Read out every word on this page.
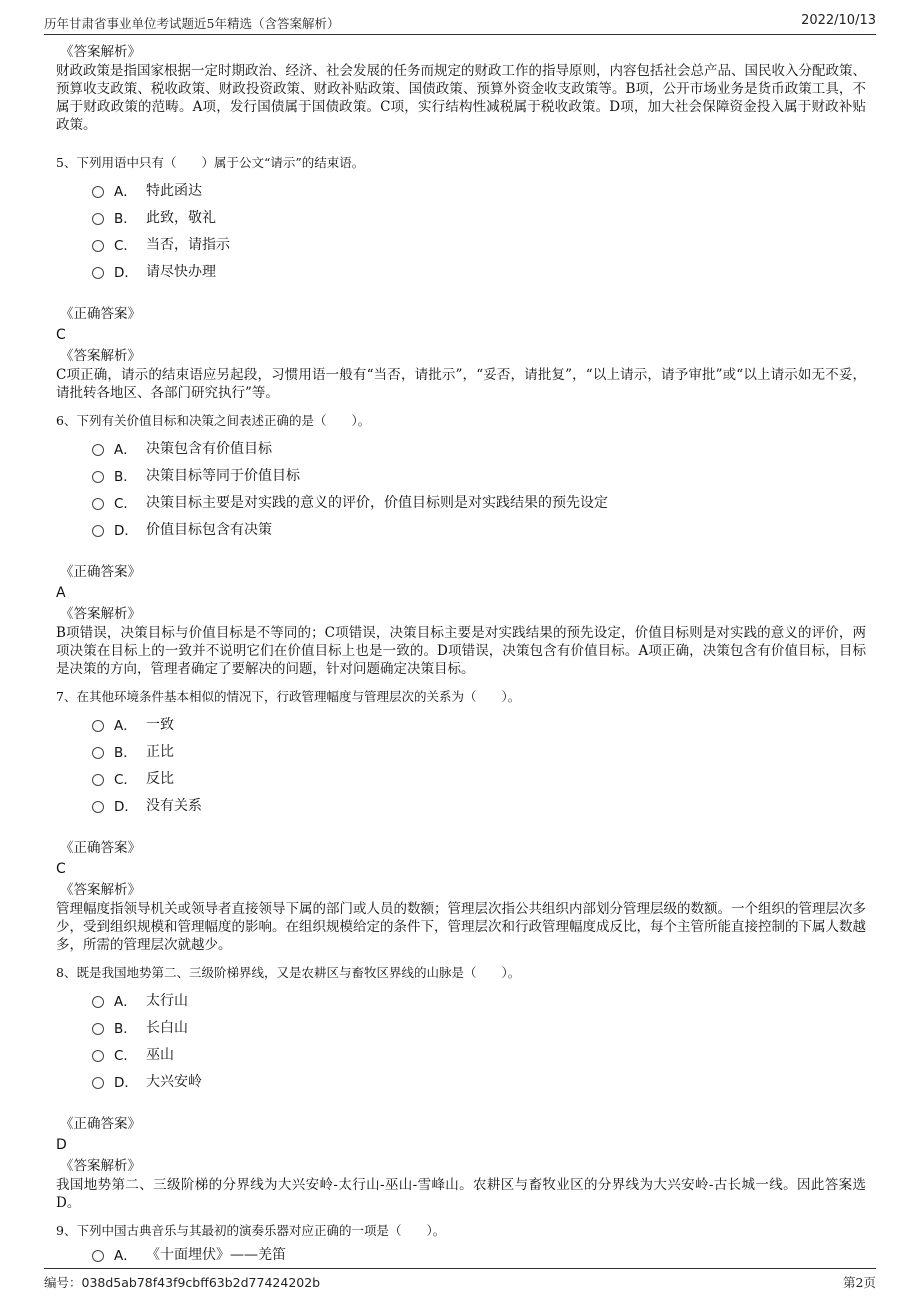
历年甘肃省事业单位考试题近5年精选（含答案解析）	2022/10/13
《答案解析》
财政政策是指国家根据一定时期政治、经济、社会发展的任务而规定的财政工作的指导原则，内容包括社会总产品、国民收入分配政策、预算收支政策、税收政策、财政投资政策、财政补贴政策、国债政策、预算外资金收支政策等。B项，公开市场业务是货币政策工具，不属于财政政策的范畴。A项，发行国债属于国债政策。C项，实行结构性减税属于税收政策。D项，加大社会保障资金投入属于财政补贴政策。
5、下列用语中只有（　　）属于公文“请示”的结束语。
A． 特此函达
B． 此致，敬礼
C． 当否，请指示
D． 请尽快办理
《正确答案》
C
《答案解析》
C项正确，请示的结束语应另起段，习惯用语一般有“当否，请批示”，“妥否，请批复”，“以上请示，请予审批”或“以上请示如无不妥，请批转各地区、各部门研究执行”等。
6、下列有关价值目标和决策之间表述正确的是（　　）。
A． 决策包含有价值目标
B． 决策目标等同于价值目标
C． 决策目标主要是对实践的意义的评价，价值目标则是对实践结果的预先设定
D． 价值目标包含有决策
《正确答案》
A
《答案解析》
B项错误，决策目标与价值目标是不等同的；C项错误，决策目标主要是对实践结果的预先设定，价值目标则是对实践的意义的评价，两项决策在目标上的一致并不说明它们在价值目标上也是一致的。D项错误，决策包含有价值目标。A项正确，决策包含有价值目标，目标是决策的方向，管理者确定了要解决的问题，针对问题确定决策目标。
7、在其他环境条件基本相似的情况下，行政管理幅度与管理层次的关系为（　　）。
A． 一致
B． 正比
C． 反比
D． 没有关系
《正确答案》
C
《答案解析》
管理幅度指领导机关或领导者直接领导下属的部门或人员的数额；管理层次指公共组织内部划分管理层级的数额。一个组织的管理层次多少，受到组织规模和管理幅度的影响。在组织规模给定的条件下，管理层次和行政管理幅度成反比，每个主管所能直接控制的下属人数越多，所需的管理层次就越少。
8、既是我国地势第二、三级阶梯界线，又是农耕区与畜牧区界线的山脉是（　　）。
A． 太行山
B． 长白山
C． 巫山
D． 大兴安岭
《正确答案》
D
《答案解析》
我国地势第二、三级阶梯的分界线为大兴安岭-太行山-巫山-雪峰山。农耕区与畜牧业区的分界线为大兴安岭-古长城一线。因此答案选D。
9、下列中国古典音乐与其最初的演奏乐器对应正确的一项是（　　）。
A． 《十面埋伏》——羌笛
编号：038d5ab78f43f9cbff63b2d77424202b	第2页
